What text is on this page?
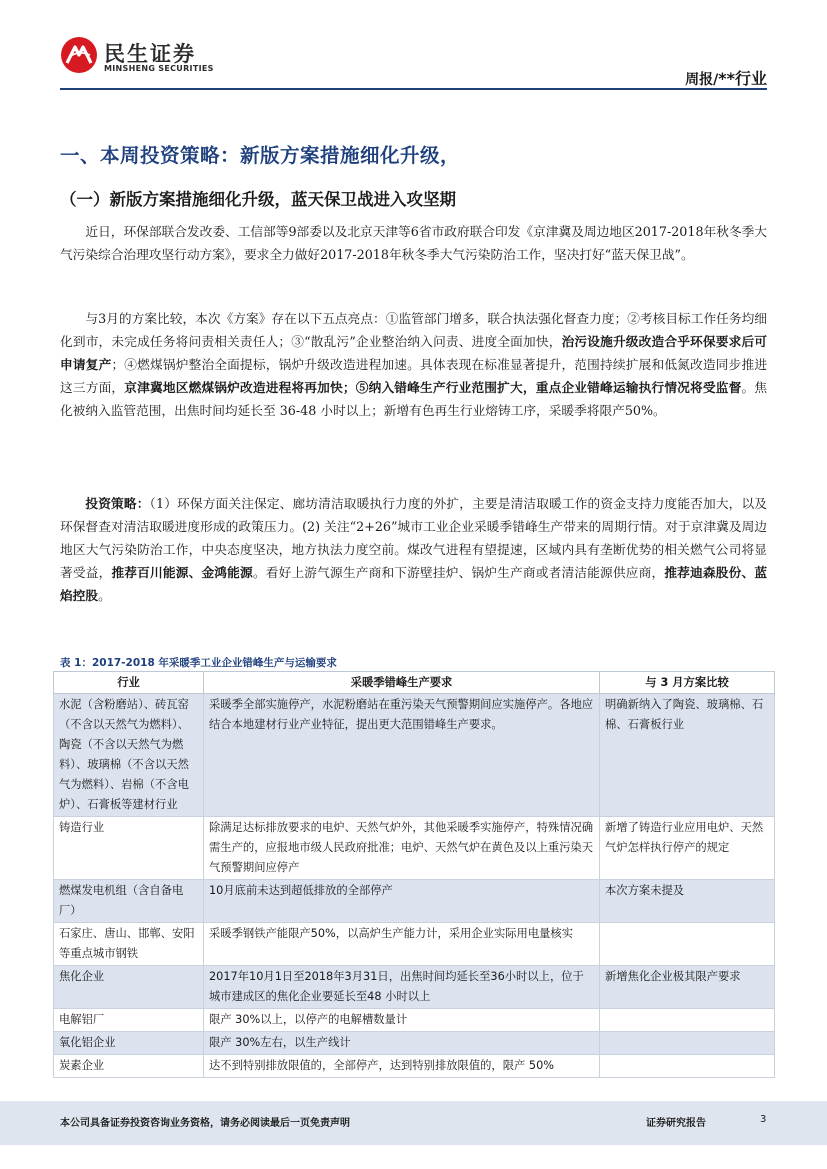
民生证券
MINSHENG SECURITIES
周报/**行业
一、本周投资策略：新版方案措施细化升级，
（一）新版方案措施细化升级，蓝天保卫战进入攻坚期
近日，环保部联合发改委、工信部等9部委以及北京天津等6省市政府联合印发《京津冀及周边地区2017-2018年秋冬季大气污染综合治理攻坚行动方案》，要求全力做好2017-2018年秋冬季大气污染防治工作，坚决打好“蓝天保卫战”。
与3月的方案比较，本次《方案》存在以下五点亮点：①监管部门增多，联合执法强化督查力度；②考核目标工作任务均细化到市，未完成任务将问责相关责任人；③“散乱污”企业整治纳入问责、进度全面加快，治污设施升级改造合乎环保要求后可申请复产；④燃煤锅炉整治全面提标，锅炉升级改造进程加速。具体表现在标准显著提升，范围持续扩展和低氮改造同步推进这三方面，京津冀地区燃煤锅炉改造进程将再加快；⑤纳入错峰生产行业范围扩大，重点企业错峰运输执行情况将受监督。焦化被纳入监管范围，出焦时间均延长至 36-48 小时以上；新增有色再生行业熔铸工序，采暖季将限产50%。
投资策略：（1）环保方面关注保定、廊坊清洁取暖执行力度的外扩，主要是清洁取暖工作的资金支持力度能否加大，以及环保督查对清洁取暖进度形成的政策压力。(2) 关注“2+26”城市工业企业采暖季错峰生产带来的周期行情。对于京津冀及周边地区大气污染防治工作，中央态度坚决，地方执法力度空前。煤改气进程有望提速，区域内具有垄断优势的相关燃气公司将显著受益，推荐百川能源、金鸿能源。看好上游气源生产商和下游壁挂炉、锅炉生产商或者清洁能源供应商，推荐迪森股份、蓝焰控股。
表 1：2017-2018 年采暖季工业企业错峰生产与运输要求
行业	采暖季错峰生产要求	与 3 月方案比较
水泥（含粉磨站）、砖瓦窑（不含以天然气为燃料）、陶瓷（不含以天然气为燃料）、玻璃棉（不含以天然气为燃料）、岩棉（不含电炉）、石膏板等建材行业	采暖季全部实施停产，水泥粉磨站在重污染天气预警期间应实施停产。各地应结合本地建材行业产业特征，提出更大范围错峰生产要求。	明确新纳入了陶瓷、玻璃棉、石棉、石膏板行业
铸造行业	除满足达标排放要求的电炉、天然气炉外，其他采暖季实施停产，特殊情况确需生产的，应报地市级人民政府批准；电炉、天然气炉在黄色及以上重污染天气预警期间应停产	新增了铸造行业应用电炉、天然气炉怎样执行停产的规定
燃煤发电机组（含自备电厂）	10月底前未达到超低排放的全部停产	本次方案未提及
石家庄、唐山、邯郸、安阳等重点城市钢铁	采暖季钢铁产能限产50%，以高炉生产能力计，采用企业实际用电量核实	
焦化企业	2017年10月1日至2018年3月31日，出焦时间均延长至36小时以上，位于城市建成区的焦化企业要延长至48 小时以上	新增焦化企业极其限产要求
电解铝厂	限产 30%以上，以停产的电解槽数量计	
氧化铝企业	限产 30%左右，以生产线计	
炭素企业	达不到特别排放限值的，全部停产，达到特别排放限值的，限产 50%	
本公司具备证券投资咨询业务资格，请务必阅读最后一页免责声明	证券研究报告	3
